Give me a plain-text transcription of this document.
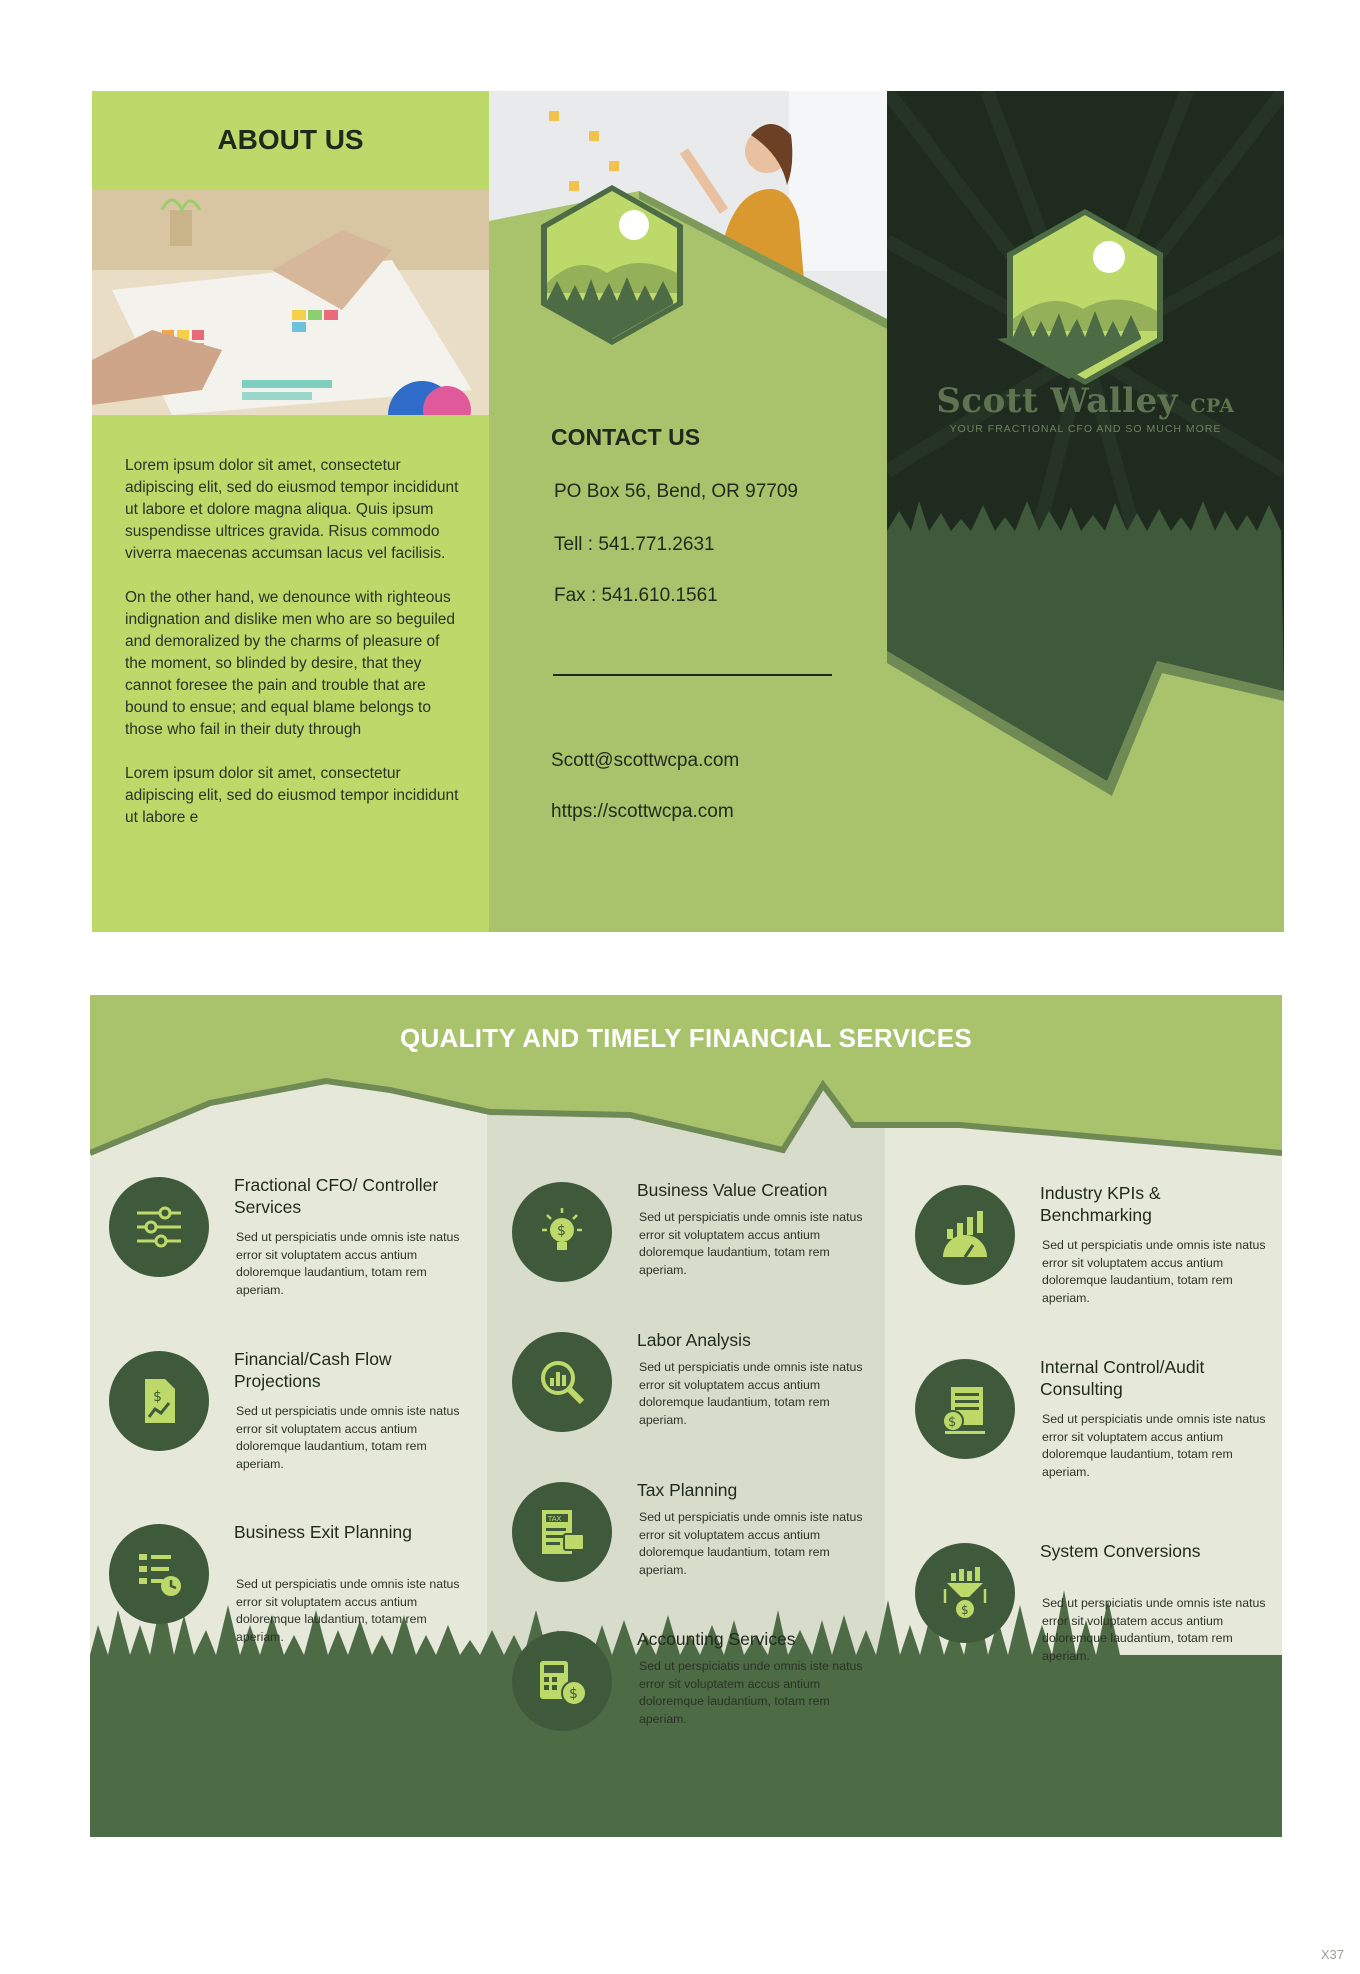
ABOUT US

Lorem ipsum dolor sit amet, consectetur adipiscing elit, sed do eiusmod tempor incididunt ut labore et dolore magna aliqua. Quis ipsum suspendisse ultrices gravida. Risus commodo viverra maecenas accumsan lacus vel facilisis.

On the other hand, we denounce with righteous indignation and dislike men who are so beguiled and demoralized by the charms of pleasure of the moment, so blinded by desire, that they cannot foresee the pain and trouble that are bound to ensue; and equal blame belongs to those who fail in their duty through

Lorem ipsum dolor sit amet, consectetur adipiscing elit, sed do eiusmod tempor incididunt ut labore e

CONTACT US
PO Box 56, Bend, OR 97709
Tell : 541.771.2631
Fax : 541.610.1561
Scott@scottwcpa.com
https://scottwcpa.com
Scott Walley CPA
YOUR FRACTIONAL CFO AND SO MUCH MORE
QUALITY AND TIMELY FINANCIAL SERVICES
Fractional CFO/ Controller Services
Sed ut perspiciatis unde omnis iste natus error sit voluptatem accus antium doloremque laudantium, totam rem aperiam.
$
Financial/Cash Flow Projections
Sed ut perspiciatis unde omnis iste natus error sit voluptatem accus antium doloremque laudantium, totam rem aperiam.
Business Exit Planning
Sed ut perspiciatis unde omnis iste natus error sit voluptatem accus antium doloremque laudantium, totam rem aperiam.
$
Business Value Creation
Sed ut perspiciatis unde omnis iste natus error sit voluptatem accus antium doloremque laudantium, totam rem aperiam.
Labor Analysis
Sed ut perspiciatis unde omnis iste natus error sit voluptatem accus antium doloremque laudantium, totam rem aperiam.
TAX
Tax Planning
Sed ut perspiciatis unde omnis iste natus error sit voluptatem accus antium doloremque laudantium, totam rem aperiam.
$
Accounting Services
Sed ut perspiciatis unde omnis iste natus error sit voluptatem accus antium doloremque laudantium, totam rem aperiam.
Industry KPIs & Benchmarking
Sed ut perspiciatis unde omnis iste natus error sit voluptatem accus antium doloremque laudantium, totam rem aperiam.
$
Internal Control/Audit Consulting
Sed ut perspiciatis unde omnis iste natus error sit voluptatem accus antium doloremque laudantium, totam rem aperiam.
$
System Conversions
Sed ut perspiciatis unde omnis iste natus error sit voluptatem accus antium doloremque laudantium, totam rem aperiam.
X37
